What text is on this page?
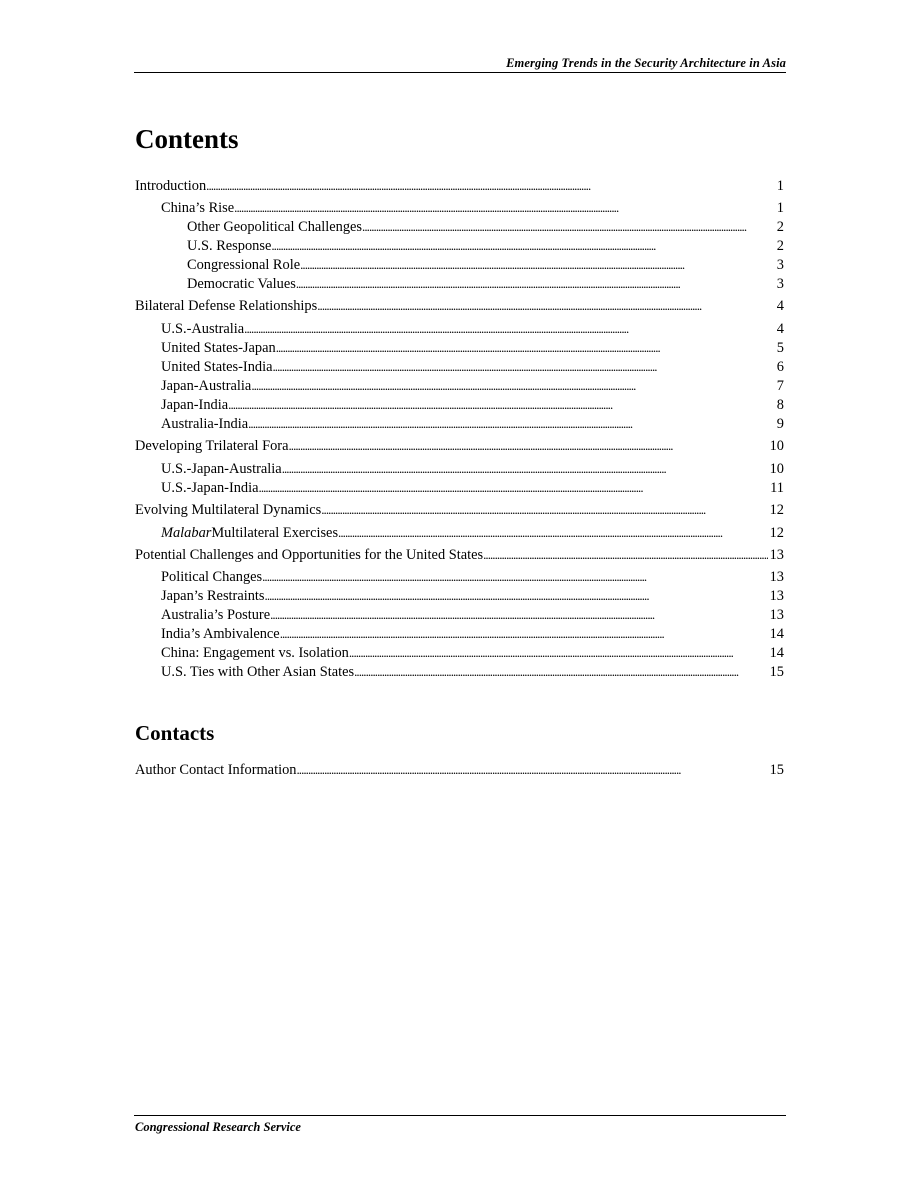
Emerging Trends in the Security Architecture in Asia
Contents
Introduction . . .	1
China’s Rise . . .	1
Other Geopolitical Challenges . . .	2
U.S. Response . . .	2
Congressional Role . . .	3
Democratic Values . . .	3
Bilateral Defense Relationships . . .	4
U.S.-Australia . . .	4
United States-Japan . . .	5
United States-India . . .	6
Japan-Australia . . .	7
Japan-India . . .	8
Australia-India . . .	9
Developing Trilateral Fora . . .	10
U.S.-Japan-Australia . . .	10
U.S.-Japan-India . . .	11
Evolving Multilateral Dynamics . . .	12
Malabar Multilateral Exercises . . .	12
Potential Challenges and Opportunities for the United States . . .	13
Political Changes . . .	13
Japan’s Restraints . . .	13
Australia’s Posture . . .	13
India’s Ambivalence . . .	14
China: Engagement vs. Isolation . . .	14
U.S. Ties with Other Asian States . . .	15
Contacts
Author Contact Information . . .	15
Congressional Research Service
